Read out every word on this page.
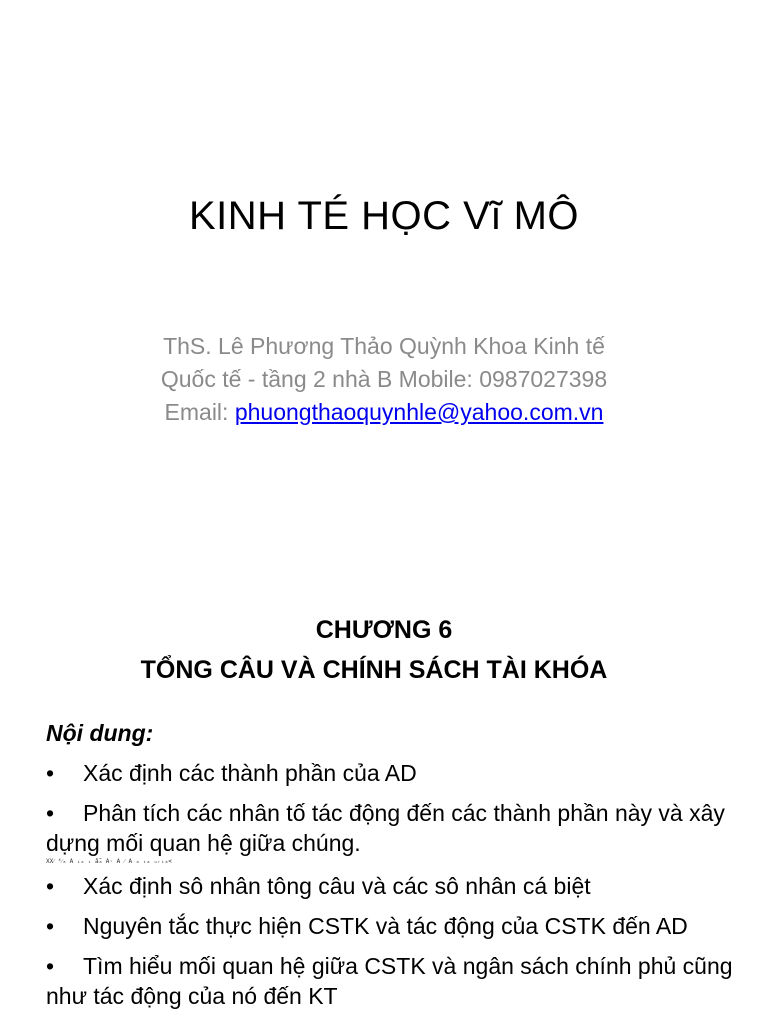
KINH TÉ HỌC Vĩ MÔ
ThS. Lê Phương Thảo Quỳnh Khoa Kinh tế
Quốc tế - tầng 2 nhà B Mobile: 0987027398
Email: phuongthaoquynhle@yahoo.com.vn
CHƯƠNG 6
TỔNG CÂU VÀ CHÍNH SÁCH TÀI KHÓA
Nội dung:
• Xác định các thành phần của AD
• Phân tích các nhân tố tác động đến các thành phần này và xây dựng mối quan hệ giữa chúng.
XX⁄ ⁴⁄ₐ A ᵢₐ ᵢ ẫₐ A· A ⁄ A ₐ ᵢₐ ᵤᵣᵢₐ<
• Xác định sô nhân tông câu và các sô nhân cá biệt
• Nguyên tắc thực hiện CSTK và tác động của CSTK đến AD
• Tìm hiểu mối quan hệ giữa CSTK và ngân sách chính phủ cũng như tác động của nó đến KT
